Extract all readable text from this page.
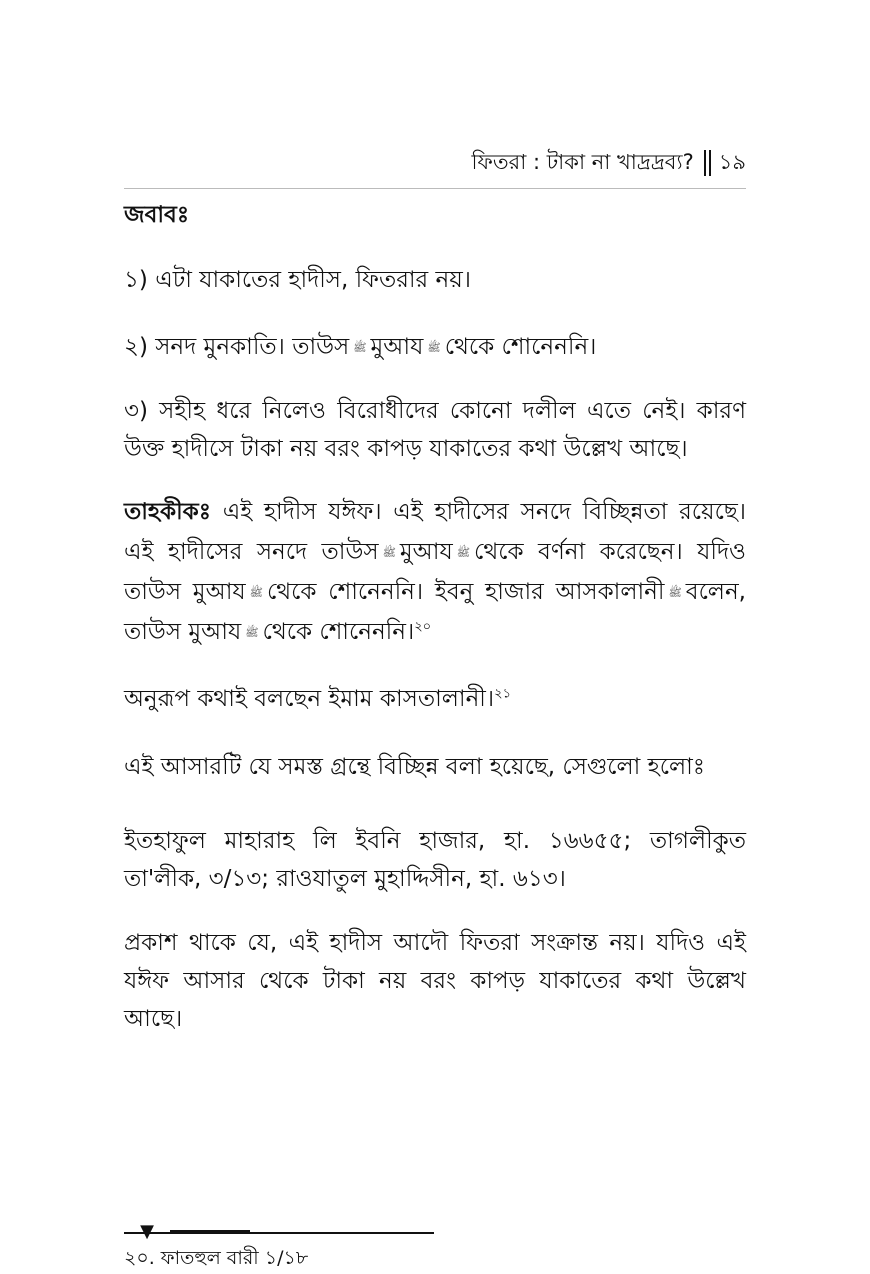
ফিতরা : টাকা না খাদ্রদ্রব্য? ১৯

জবাবঃ

১) এটা যাকাতের হাদীস, ফিতরার নয়।

২) সনদ মুনকাতি। তাউস ﷺ মুআয ﷺ থেকে শোনেননি।

৩) সহীহ ধরে নিলেও বিরোধীদের কোনো দলীল এতে নেই। কারণ উক্ত হাদীসে টাকা নয় বরং কাপড় যাকাতের কথা উল্লেখ আছে।

তাহকীকঃ এই হাদীস যঈফ। এই হাদীসের সনদে বিচ্ছিন্নতা রয়েছে। এই হাদীসের সনদে তাউস ﷺ মুআয ﷺ থেকে বর্ণনা করেছেন। যদিও তাউস মুআয ﷺ থেকে শোনেননি। ইবনু হাজার আসকালানী ﷺ বলেন, তাউস মুআয ﷺ থেকে শোনেননি।$^{২০}$

অনুরূপ কথাই বলছেন ইমাম কাসতালানী।$^{২১}$

এই আসারটি যে সমস্ত গ্রন্থে বিচ্ছিন্ন বলা হয়েছে, সেগুলো হলোঃ

ইতহাফুল মাহারাহ লি ইবনি হাজার, হা. ১৬৬৫৫; তাগলীকুত তা'লীক, ৩/১৩; রাওযাতুল মুহাদ্দিসীন, হা. ৬১৩।

প্রকাশ থাকে যে, এই হাদীস আদৌ ফিতরা সংক্রান্ত নয়। যদিও এই যঈফ আসার থেকে টাকা নয় বরং কাপড় যাকাতের কথা উল্লেখ আছে।

▼
২০. ফাতহুল বারী ১/১৮
